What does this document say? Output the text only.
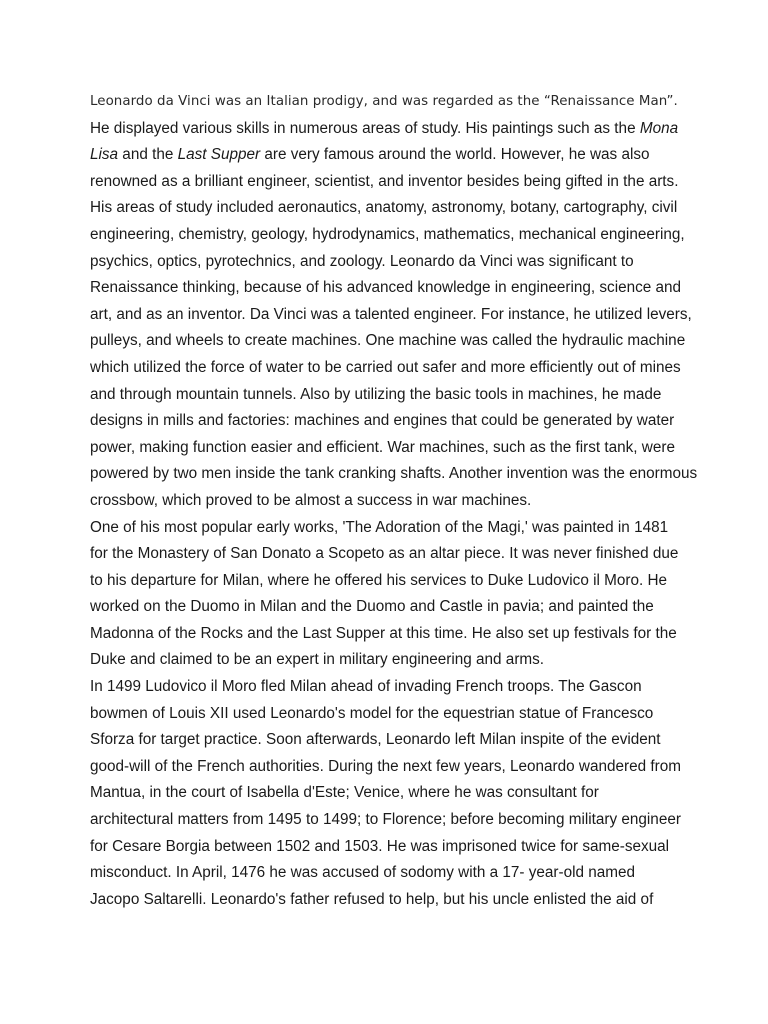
Leonardo da Vinci was an Italian prodigy, and was regarded as the “Renaissance Man”.
He displayed various skills in numerous areas of study. His paintings such as the Mona
Lisa and the Last Supper are very famous around the world. However, he was also
renowned as a brilliant engineer, scientist, and inventor besides being gifted in the arts.
His areas of study included aeronautics, anatomy, astronomy, botany, cartography, civil
engineering, chemistry, geology, hydrodynamics, mathematics, mechanical engineering,
psychics, optics, pyrotechnics, and zoology. Leonardo da Vinci was significant to
Renaissance thinking, because of his advanced knowledge in engineering, science and
art, and as an inventor. Da Vinci was a talented engineer. For instance, he utilized levers,
pulleys, and wheels to create machines. One machine was called the hydraulic machine
which utilized the force of water to be carried out safer and more efficiently out of mines
and through mountain tunnels. Also by utilizing the basic tools in machines, he made
designs in mills and factories: machines and engines that could be generated by water
power, making function easier and efficient. War machines, such as the first tank, were
powered by two men inside the tank cranking shafts. Another invention was the enormous
crossbow, which proved to be almost a success in war machines.
One of his most popular early works, 'The Adoration of the Magi,' was painted in 1481
for the Monastery of San Donato a Scopeto as an altar piece. It was never finished due
to his departure for Milan, where he offered his services to Duke Ludovico il Moro. He
worked on the Duomo in Milan and the Duomo and Castle in pavia; and painted the
Madonna of the Rocks and the Last Supper at this time. He also set up festivals for the
Duke and claimed to be an expert in military engineering and arms.
In 1499 Ludovico il Moro fled Milan ahead of invading French troops. The Gascon
bowmen of Louis XII used Leonardo's model for the equestrian statue of Francesco
Sforza for target practice. Soon afterwards, Leonardo left Milan inspite of the evident
good-will of the French authorities. During the next few years, Leonardo wandered from
Mantua, in the court of Isabella d'Este; Venice, where he was consultant for
architectural matters from 1495 to 1499; to Florence; before becoming military engineer
for Cesare Borgia between 1502 and 1503. He was imprisoned twice for same-sexual
misconduct. In April, 1476 he was accused of sodomy with a 17- year-old named
Jacopo Saltarelli. Leonardo's father refused to help, but his uncle enlisted the aid of
